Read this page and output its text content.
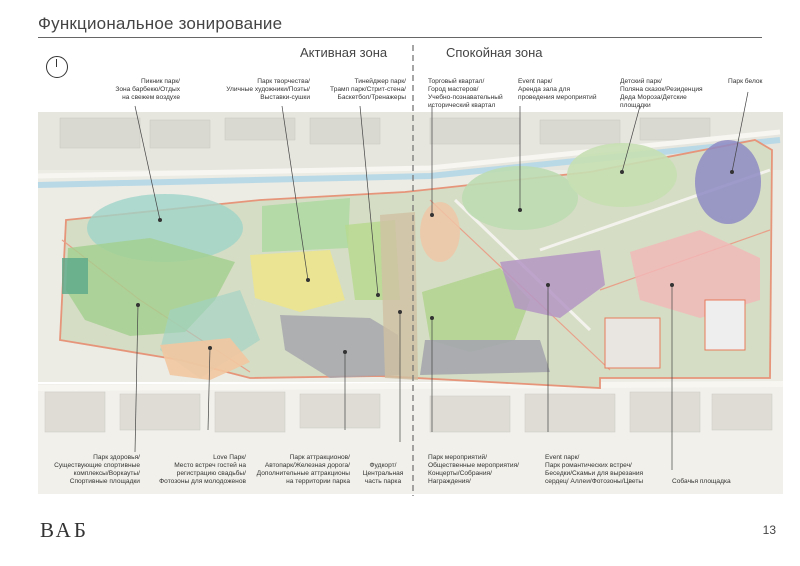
Функциональное зонирование
Активная зона	Спокойная зона
Пикник парк/
Зона барбекю/Отдых
на свежем воздухе
Парк творчества/
Уличные художники/Поэты/
Выставки-сушки
Тинейджер парк/
Трамп парк/Стрит-стена/
Баскетбол/Тренажеры
Торговый квартал/
Город мастеров/
Учебно-познавательный
исторический квартал
Event парк/
Аренда зала для
проведения мероприятий
Детский парк/
Поляна сказок/Резиденция
Деда Мороза/Детские
площадки
Парк белок
Парк здоровья/
Существующие спортивные
комплексы/Воркауты/
Спортивные площадки
Love Парк/
Место встреч гостей на
регистрацию свадьбы/
Фотозоны для молодоженов
Парк аттракционов/
Автопарк/Железная дорога/
Дополнительные аттракционы
на территории парка
Фудкорт/
Центральная
часть парка
Парк мероприятий/
Общественные мероприятия/
Концерты/Собрания/
Награждения/
Event парк/
Парк романтических встреч/
Беседки/Скамьи для вырезания
сердец/ Аллеи/Фотозоны/Цветы	Собачья площадка
ВАБ	13
